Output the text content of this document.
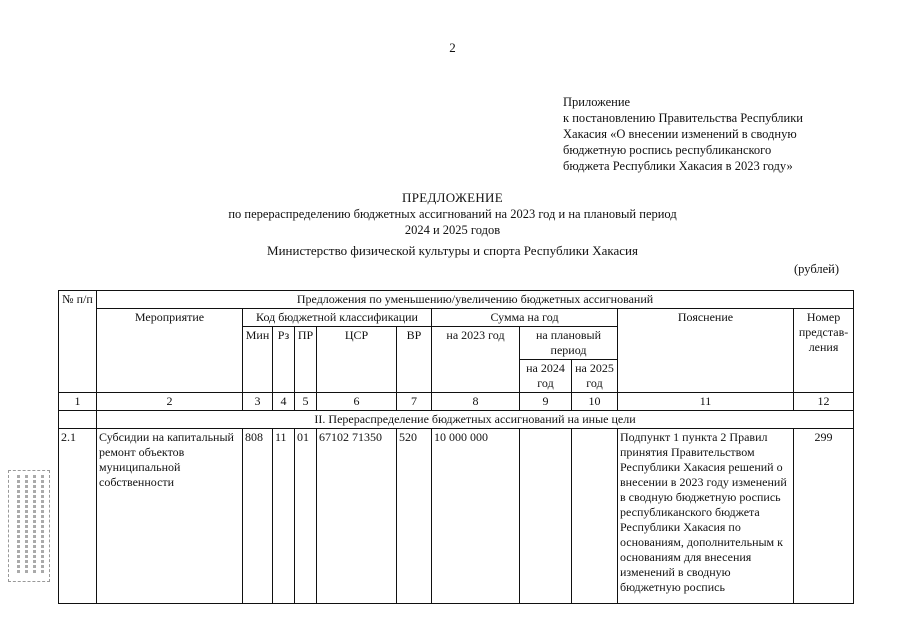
2
Приложение
к постановлению Правительства Республики
Хакасия «О внесении изменений в сводную
бюджетную роспись республиканского
бюджета Республики Хакасия в 2023 году»
ПРЕДЛОЖЕНИЕ
по перераспределению бюджетных ассигнований на 2023 год и на плановый период
2024 и 2025 годов
Министерство физической культуры и спорта Республики Хакасия
(рублей)
№ п/п	Предложения по уменьшению/увеличению бюджетных ассигнований										
	Мероприятие	Код бюджетной классификации					Сумма на год			Пояснение	Номер представ-ления
		Мин	Рз	ПР	ЦСР	ВР	на 2023 год	на плановый период			
								на 2024 год	на 2025 год		
1	2	3	4	5	6	7	8	9	10	11	12
	II. Перераспределение бюджетных ассигнований на иные цели										
2.1	Субсидии на капитальный ремонт объектов муниципальной собственности	808	11	01	67102 71350	520	10 000 000			Подпункт 1 пункта 2 Правил принятия Правительством Республики Хакасия решений о внесении в 2023 году изменений в сводную бюджетную роспись республиканского бюджета Республики Хакасия по основаниям, дополнительным к основаниям для внесения изменений в сводную бюджетную роспись	299
